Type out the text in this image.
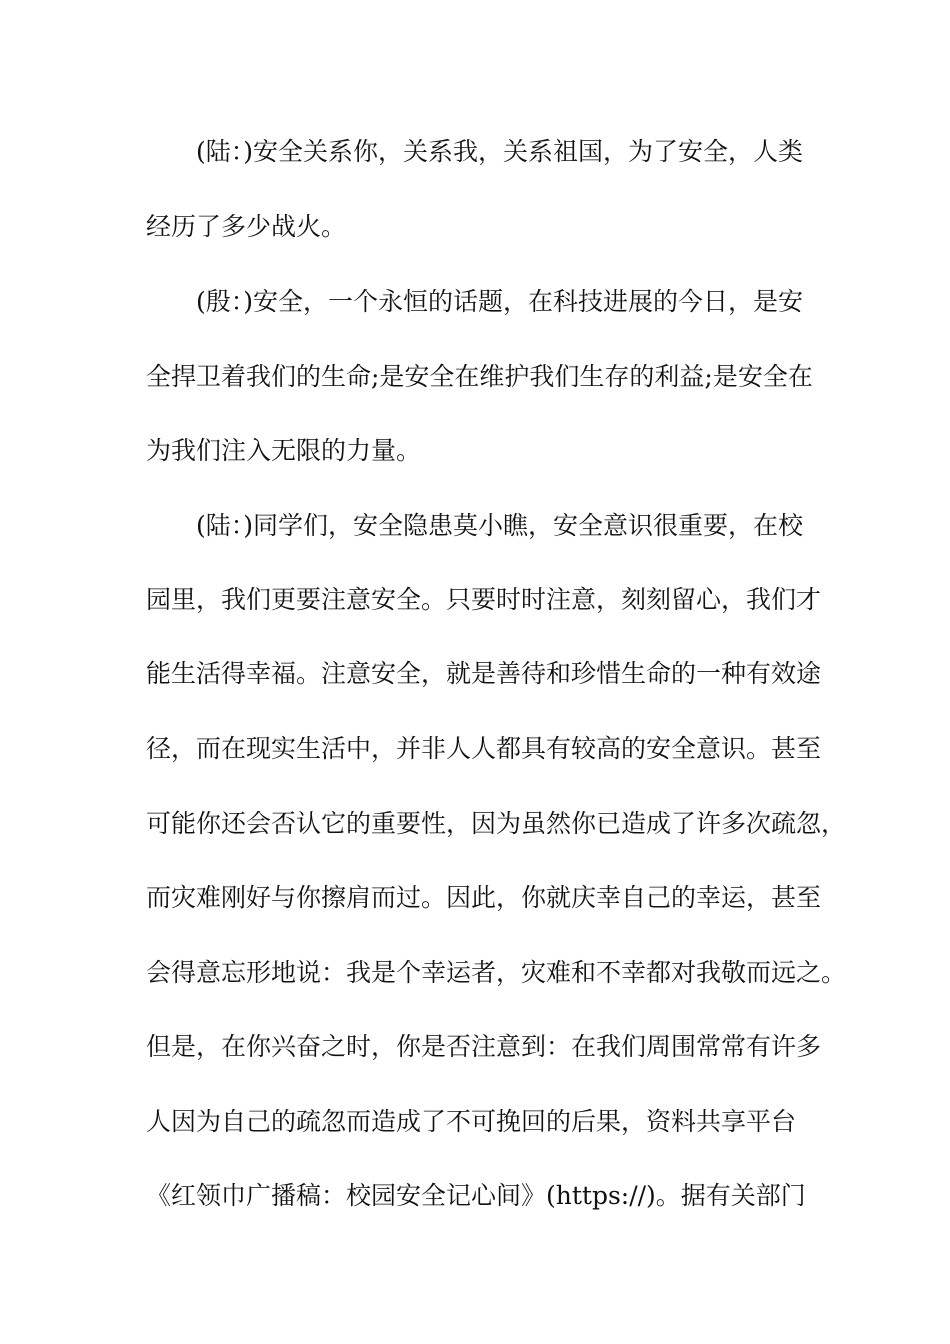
(陆：)安全关系你，关系我，关系祖国，为了安全，人类
经历了多少战火。
(殷：)安全，一个永恒的话题，在科技进展的今日，是安
全捍卫着我们的生命;是安全在维护我们生存的利益;是安全在
为我们注入无限的力量。
(陆：)同学们，安全隐患莫小瞧，安全意识很重要，在校
园里，我们更要注意安全。只要时时注意，刻刻留心，我们才
能生活得幸福。注意安全，就是善待和珍惜生命的一种有效途
径，而在现实生活中，并非人人都具有较高的安全意识。甚至
可能你还会否认它的重要性，因为虽然你已造成了许多次疏忽，
而灾难刚好与你擦肩而过。因此，你就庆幸自己的幸运，甚至
会得意忘形地说：我是个幸运者，灾难和不幸都对我敬而远之。
但是，在你兴奋之时，你是否注意到：在我们周围常常有许多
人因为自己的疏忽而造成了不可挽回的后果，资料共享平台
《红领巾广播稿：校园安全记心间》(https://)。据有关部门
